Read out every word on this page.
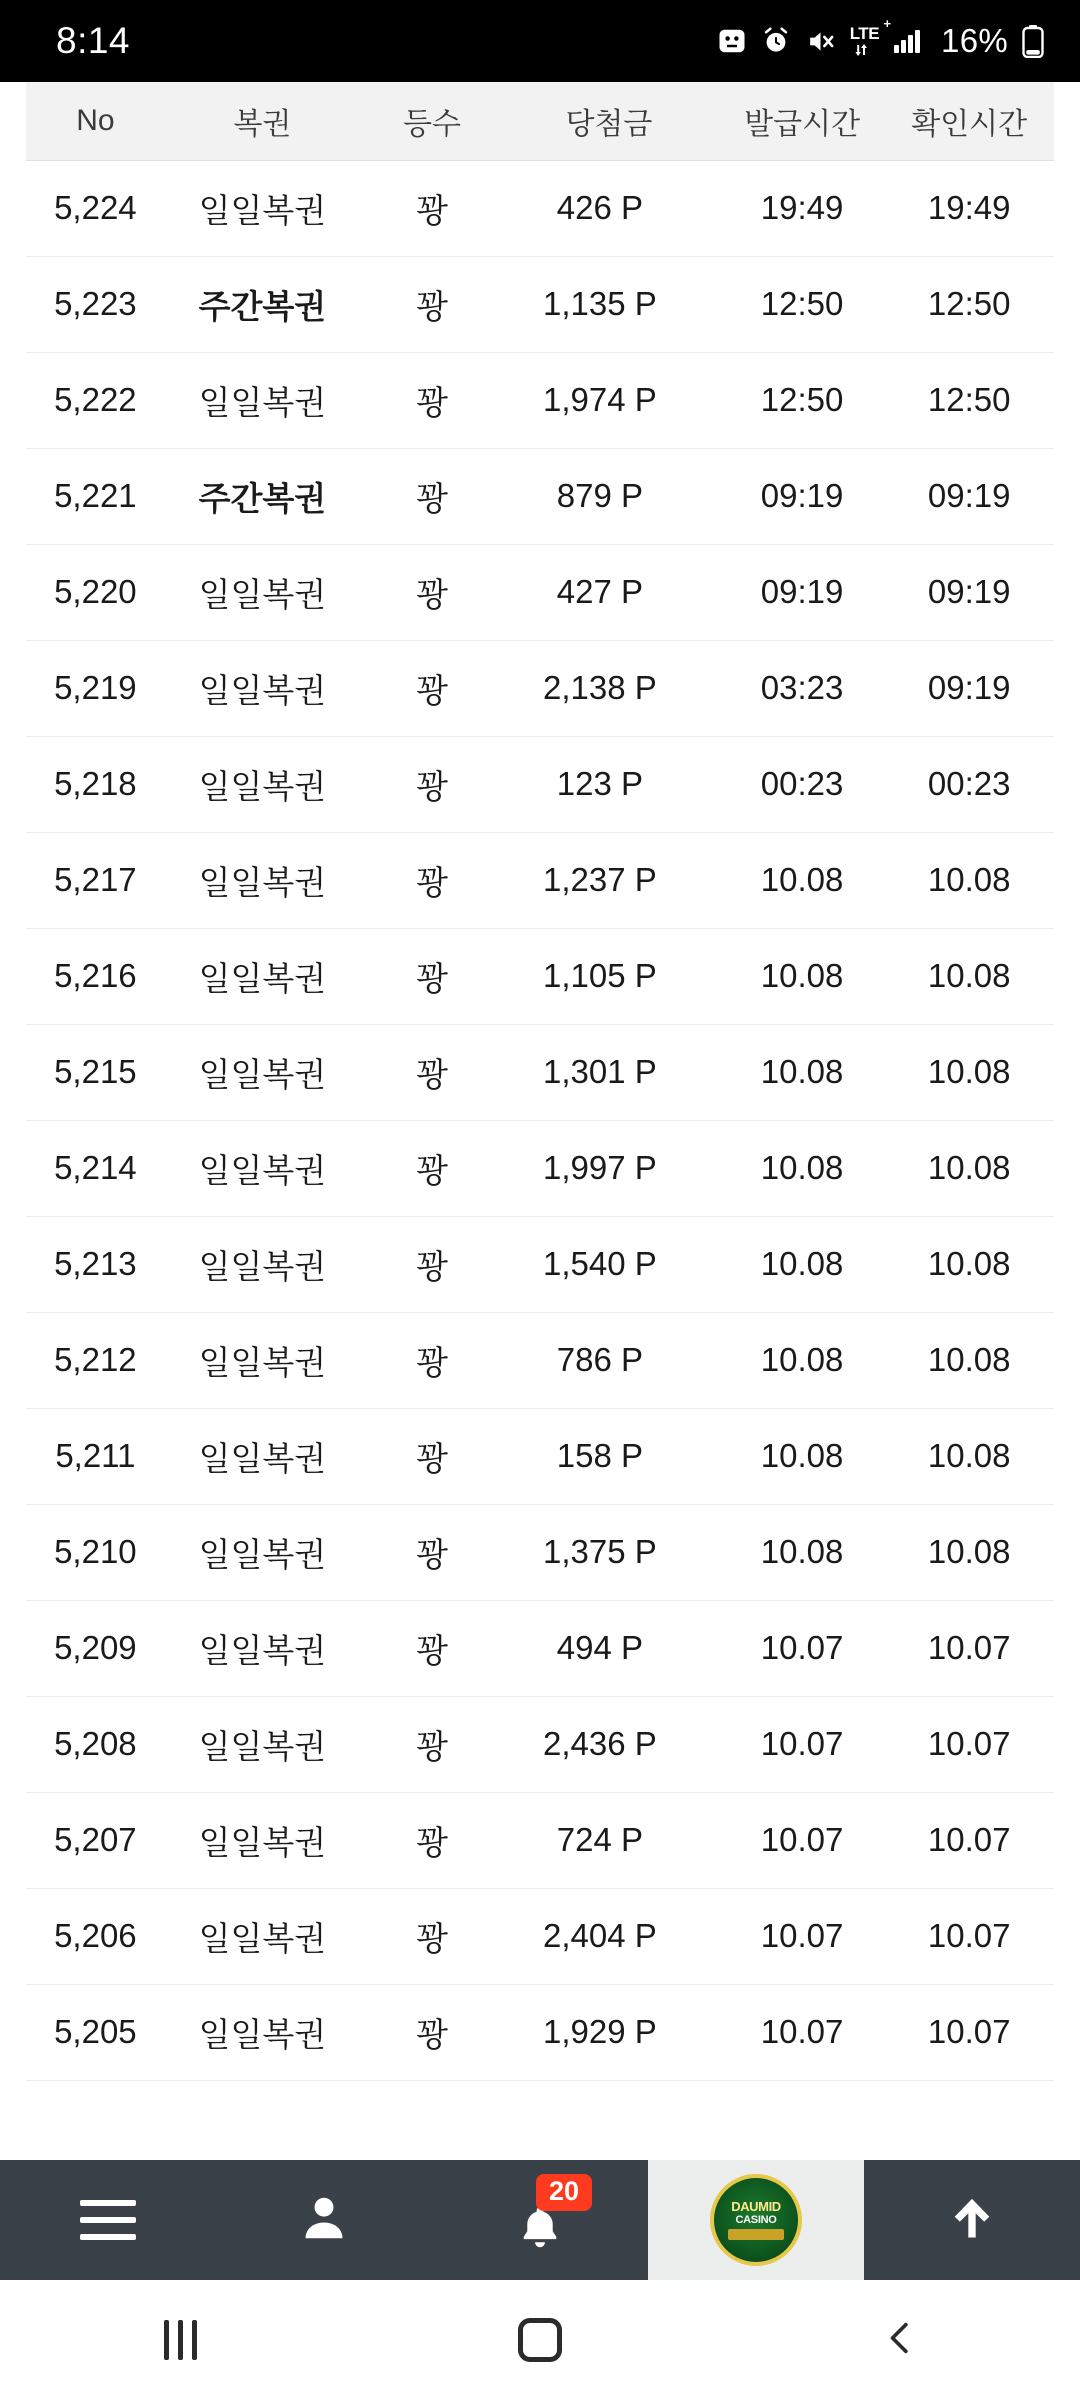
8:14	LTE
+ 16%
No	복권	등수	당첨금	발급시간	확인시간
5,224	일일복권	꽝	426 P	19:49	19:49
5,223	주간복권	꽝	1,135 P	12:50	12:50
5,222	일일복권	꽝	1,974 P	12:50	12:50
5,221	주간복권	꽝	879 P	09:19	09:19
5,220	일일복권	꽝	427 P	09:19	09:19
5,219	일일복권	꽝	2,138 P	03:23	09:19
5,218	일일복권	꽝	123 P	00:23	00:23
5,217	일일복권	꽝	1,237 P	10.08	10.08
5,216	일일복권	꽝	1,105 P	10.08	10.08
5,215	일일복권	꽝	1,301 P	10.08	10.08
5,214	일일복권	꽝	1,997 P	10.08	10.08
5,213	일일복권	꽝	1,540 P	10.08	10.08
5,212	일일복권	꽝	786 P	10.08	10.08
5,211	일일복권	꽝	158 P	10.08	10.08
5,210	일일복권	꽝	1,375 P	10.08	10.08
5,209	일일복권	꽝	494 P	10.07	10.07
5,208	일일복권	꽝	2,436 P	10.07	10.07
5,207	일일복권	꽝	724 P	10.07	10.07
5,206	일일복권	꽝	2,404 P	10.07	10.07
5,205	일일복권	꽝	1,929 P	10.07	10.07
20
DAUMID
CASINO
